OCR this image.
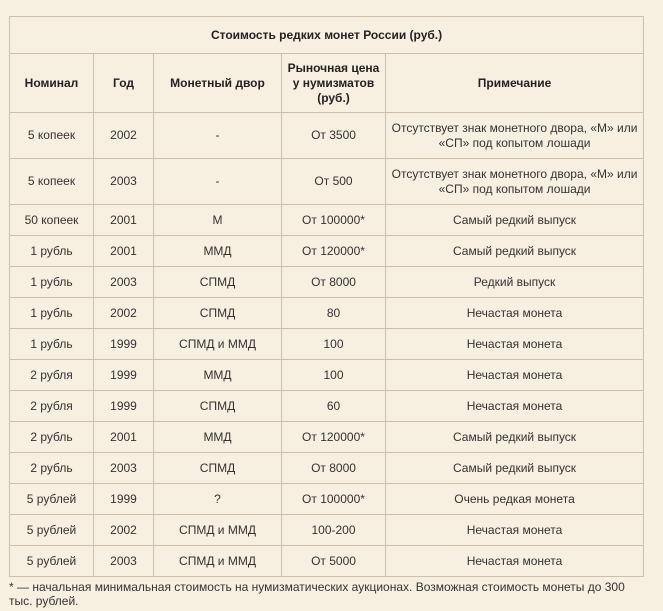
Стоимость редких монет России (руб.)				
Номинал	Год	Монетный двор	Рыночная цена у нумизматов (руб.)	Примечание
5 копеек	2002	-	От 3500	Отсутствует знак монетного двора, «М» или «СП» под копытом лошади
5 копеек	2003	-	От 500	Отсутствует знак монетного двора, «М» или «СП» под копытом лошади
50 копеек	2001	М	От 100000*	Самый редкий выпуск
1 рубль	2001	ММД	От 120000*	Самый редкий выпуск
1 рубль	2003	СПМД	От 8000	Редкий выпуск
1 рубль	2002	СПМД	80	Нечастая монета
1 рубль	1999	СПМД и ММД	100	Нечастая монета
2 рубля	1999	ММД	100	Нечастая монета
2 рубля	1999	СПМД	60	Нечастая монета
2 рубль	2001	ММД	От 120000*	Самый редкий выпуск
2 рубль	2003	СПМД	От 8000	Самый редкий выпуск
5 рублей	1999	?	От 100000*	Очень редкая монета
5 рублей	2002	СПМД и ММД	100-200	Нечастая монета
5 рублей	2003	СПМД и ММД	От 5000	Нечастая монета
* — начальная минимальная стоимость на нумизматических аукционах. Возможная стоимость монеты до 300 тыс. рублей.
